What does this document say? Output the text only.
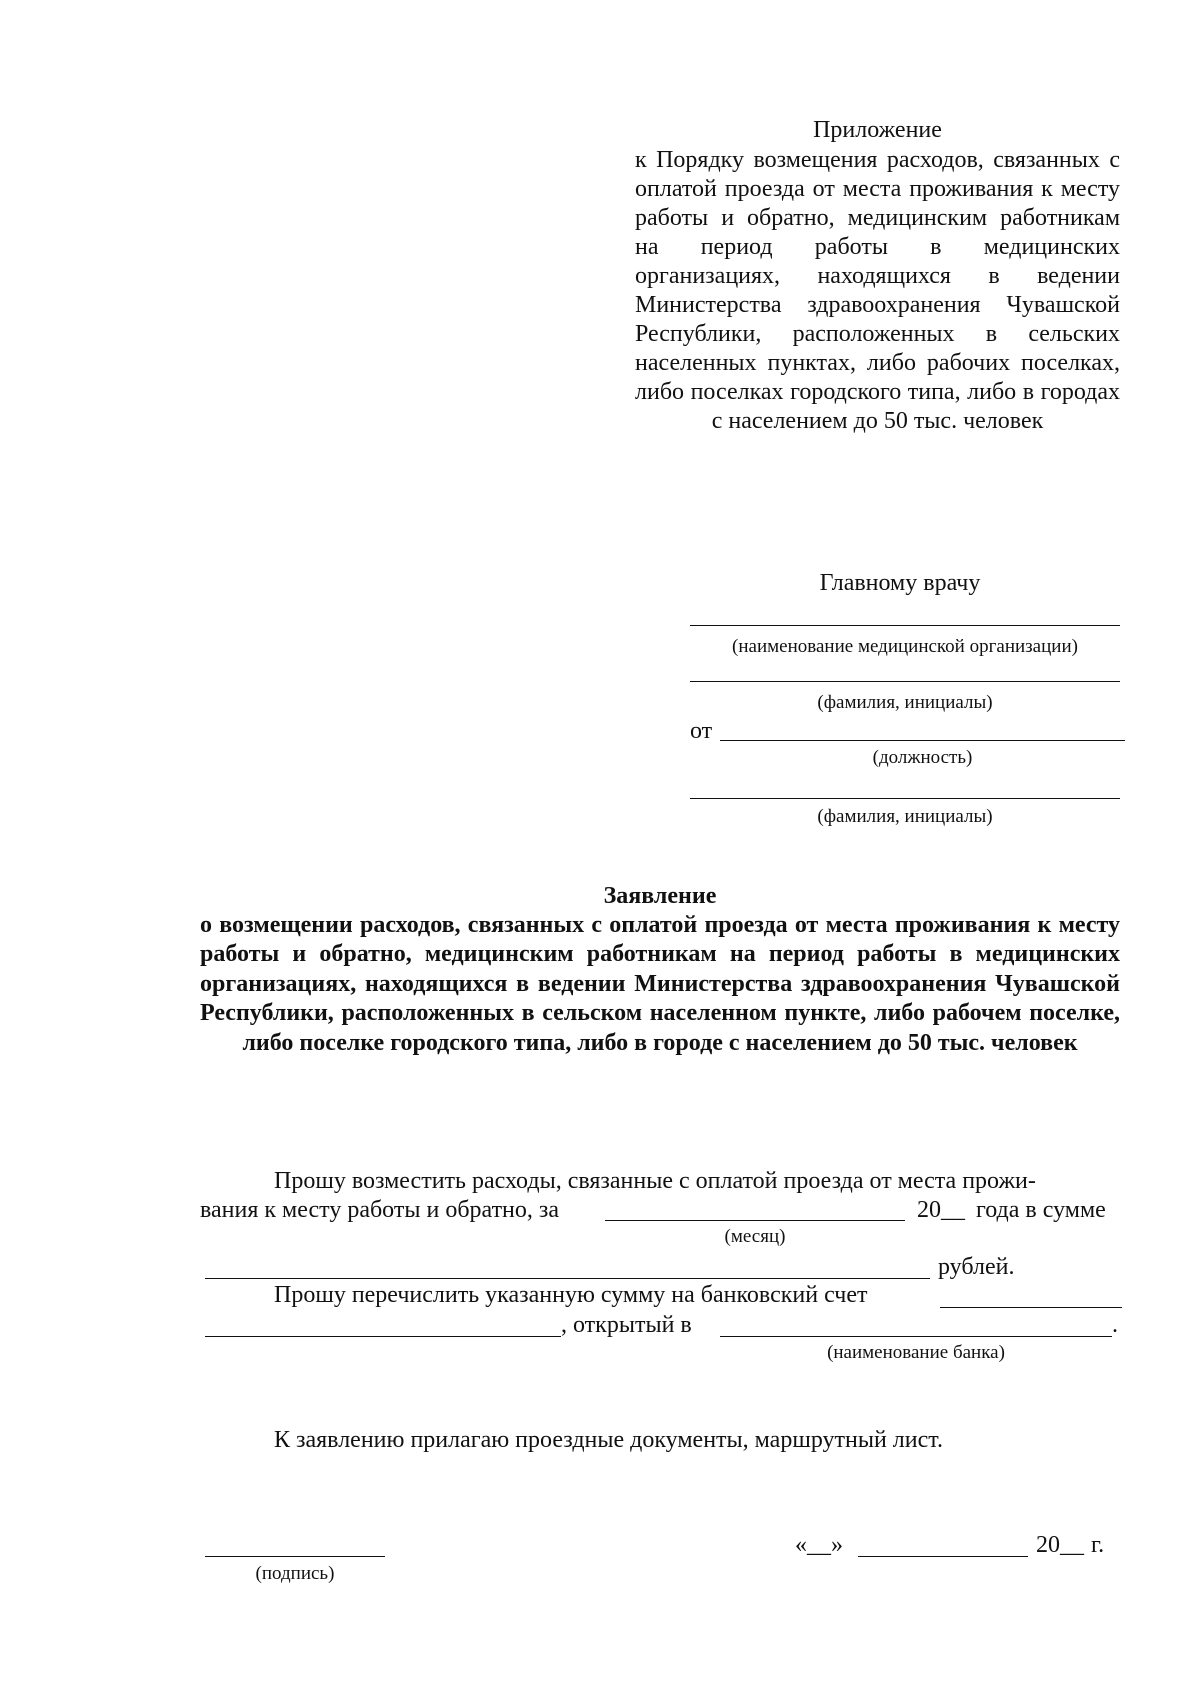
Приложение
к Порядку возмещения расходов, связанных с оплатой проезда от места проживания к месту работы и обратно, медицинским работникам на период работы в медицинских организациях, находящихся в ведении Министерства здравоохранения Чувашской Республики, расположенных в сельских населенных пунктах, либо рабочих поселках, либо поселках городского типа, либо в городах с населением до 50 тыс. человек
Главному врачу
(наименование медицинской организации)
(фамилия, инициалы)
от
(должность)
(фамилия, инициалы)
Заявление
о возмещении расходов, связанных с оплатой проезда от места проживания к месту работы и обратно, медицинским работникам на период работы в медицинских организациях, находящихся в ведении Министерства здравоохранения Чувашской Республики, расположенных в сельском населенном пункте, либо рабочем поселке, либо поселке городского типа, либо в городе с населением до 50 тыс. человек
Прошу возместить расходы, связанные с оплатой проезда от места прожи-
вания к месту работы и обратно, за	20__ года в сумме
(месяц)
рублей.
Прошу перечислить указанную сумму на банковский счет
, открытый в	.
(наименование банка)
К заявлению прилагаю проездные документы, маршрутный лист.
(подпись)
«__»	20__ г.
